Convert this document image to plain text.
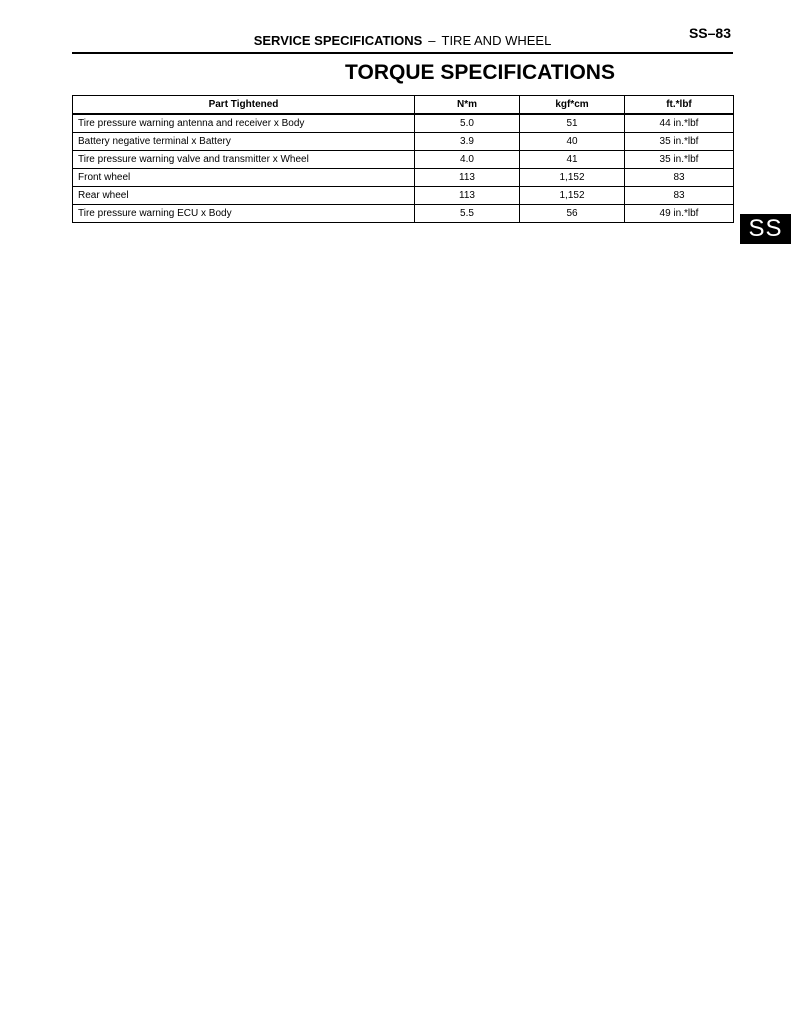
SERVICE SPECIFICATIONS – TIRE AND WHEEL	SS–83
TORQUE SPECIFICATIONS
Part Tightened	N*m	kgf*cm	ft.*lbf
Tire pressure warning antenna and receiver x Body	5.0	51	44 in.*lbf
Battery negative terminal x Battery	3.9	40	35 in.*lbf
Tire pressure warning valve and transmitter x Wheel	4.0	41	35 in.*lbf
Front wheel	113	1,152	83
Rear wheel	113	1,152	83
Tire pressure warning ECU x Body	5.5	56	49 in.*lbf
SS
